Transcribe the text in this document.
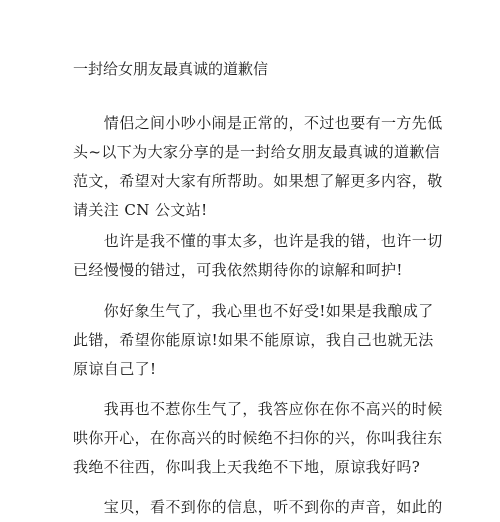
一封给女朋友最真诚的道歉信
　　情侣之间小吵小闹是正常的，不过也要有一方先低
头~以下为大家分享的是一封给女朋友最真诚的道歉信
范文，希望对大家有所帮助。如果想了解更多内容，敬
请关注 CN 公文站!
　　也许是我不懂的事太多，也许是我的错，也许一切
已经慢慢的错过，可我依然期待你的谅解和呵护!
　　你好象生气了，我心里也不好受!如果是我酿成了
此错，希望你能原谅!如果不能原谅，我自己也就无法
原谅自己了!
　　我再也不惹你生气了，我答应你在你不高兴的时候
哄你开心，在你高兴的时候绝不扫你的兴，你叫我往东
我绝不往西，你叫我上天我绝不下地，原谅我好吗?
　　宝贝，看不到你的信息，听不到你的声音，如此的
